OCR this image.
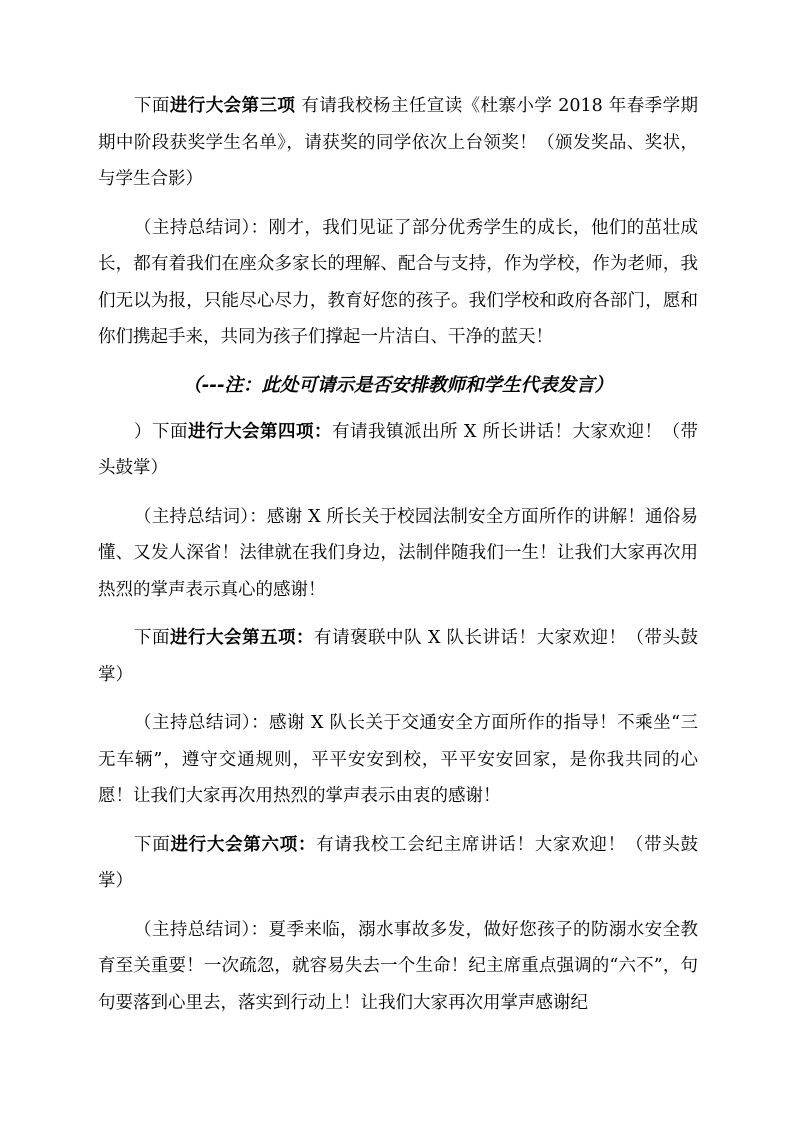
下面进行大会第三项 有请我校杨主任宣读《杜寨小学 2018 年春季学期期中阶段获奖学生名单》，请获奖的同学依次上台领奖！（颁发奖品、奖状，与学生合影）

（主持总结词）：刚才，我们见证了部分优秀学生的成长，他们的茁壮成长，都有着我们在座众多家长的理解、配合与支持，作为学校，作为老师，我们无以为报，只能尽心尽力，教育好您的孩子。我们学校和政府各部门，愿和你们携起手来，共同为孩子们撑起一片洁白、干净的蓝天！

（---注：此处可请示是否安排教师和学生代表发言）

）下面进行大会第四项：有请我镇派出所 X 所长讲话！大家欢迎！（带头鼓掌）

（主持总结词）：感谢 X 所长关于校园法制安全方面所作的讲解！通俗易懂、又发人深省！法律就在我们身边，法制伴随我们一生！让我们大家再次用热烈的掌声表示真心的感谢！

下面进行大会第五项：有请褒联中队 X 队长讲话！大家欢迎！（带头鼓掌）

（主持总结词）：感谢 X 队长关于交通安全方面所作的指导！不乘坐“三无车辆”，遵守交通规则，平平安安到校，平平安安回家，是你我共同的心愿！让我们大家再次用热烈的掌声表示由衷的感谢！

下面进行大会第六项：有请我校工会纪主席讲话！大家欢迎！（带头鼓掌）

（主持总结词）：夏季来临，溺水事故多发，做好您孩子的防溺水安全教育至关重要！一次疏忽，就容易失去一个生命！纪主席重点强调的“六不”，句句要落到心里去，落实到行动上！让我们大家再次用掌声感谢纪
